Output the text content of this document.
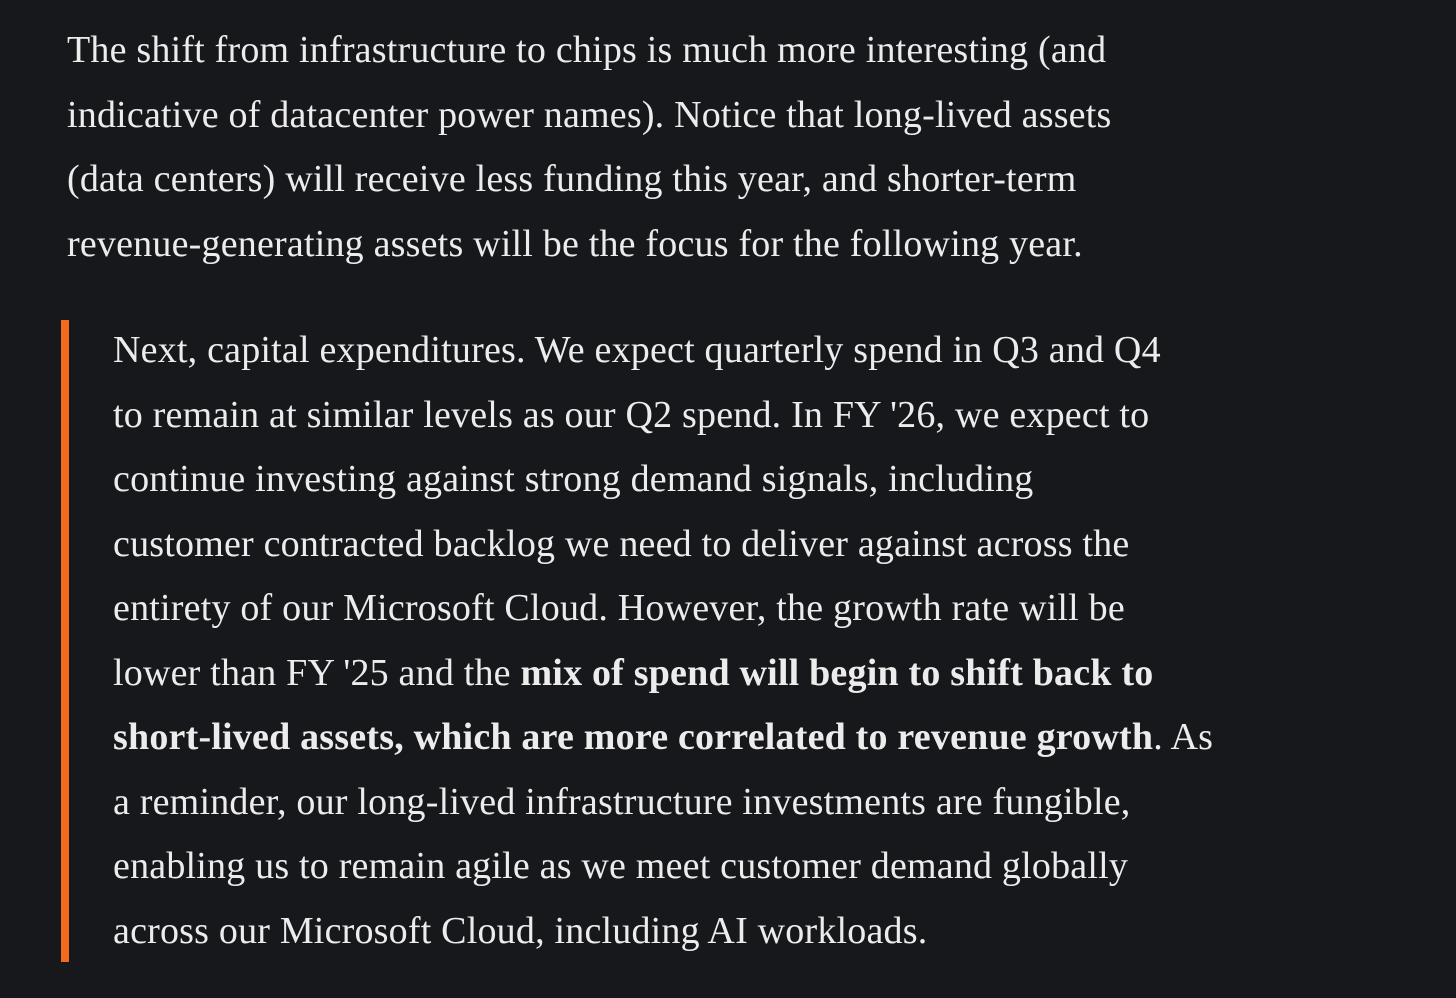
The shift from infrastructure to chips is much more interesting (and
indicative of datacenter power names). Notice that long-lived assets
(data centers) will receive less funding this year, and shorter-term
revenue-generating assets will be the focus for the following year.

Next, capital expenditures. We expect quarterly spend in Q3 and Q4
to remain at similar levels as our Q2 spend. In FY '26, we expect to
continue investing against strong demand signals, including
customer contracted backlog we need to deliver against across the
entirety of our Microsoft Cloud. However, the growth rate will be
lower than FY '25 and the mix of spend will begin to shift back to
short-lived assets, which are more correlated to revenue growth. As
a reminder, our long-lived infrastructure investments are fungible,
enabling us to remain agile as we meet customer demand globally
across our Microsoft Cloud, including AI workloads.
